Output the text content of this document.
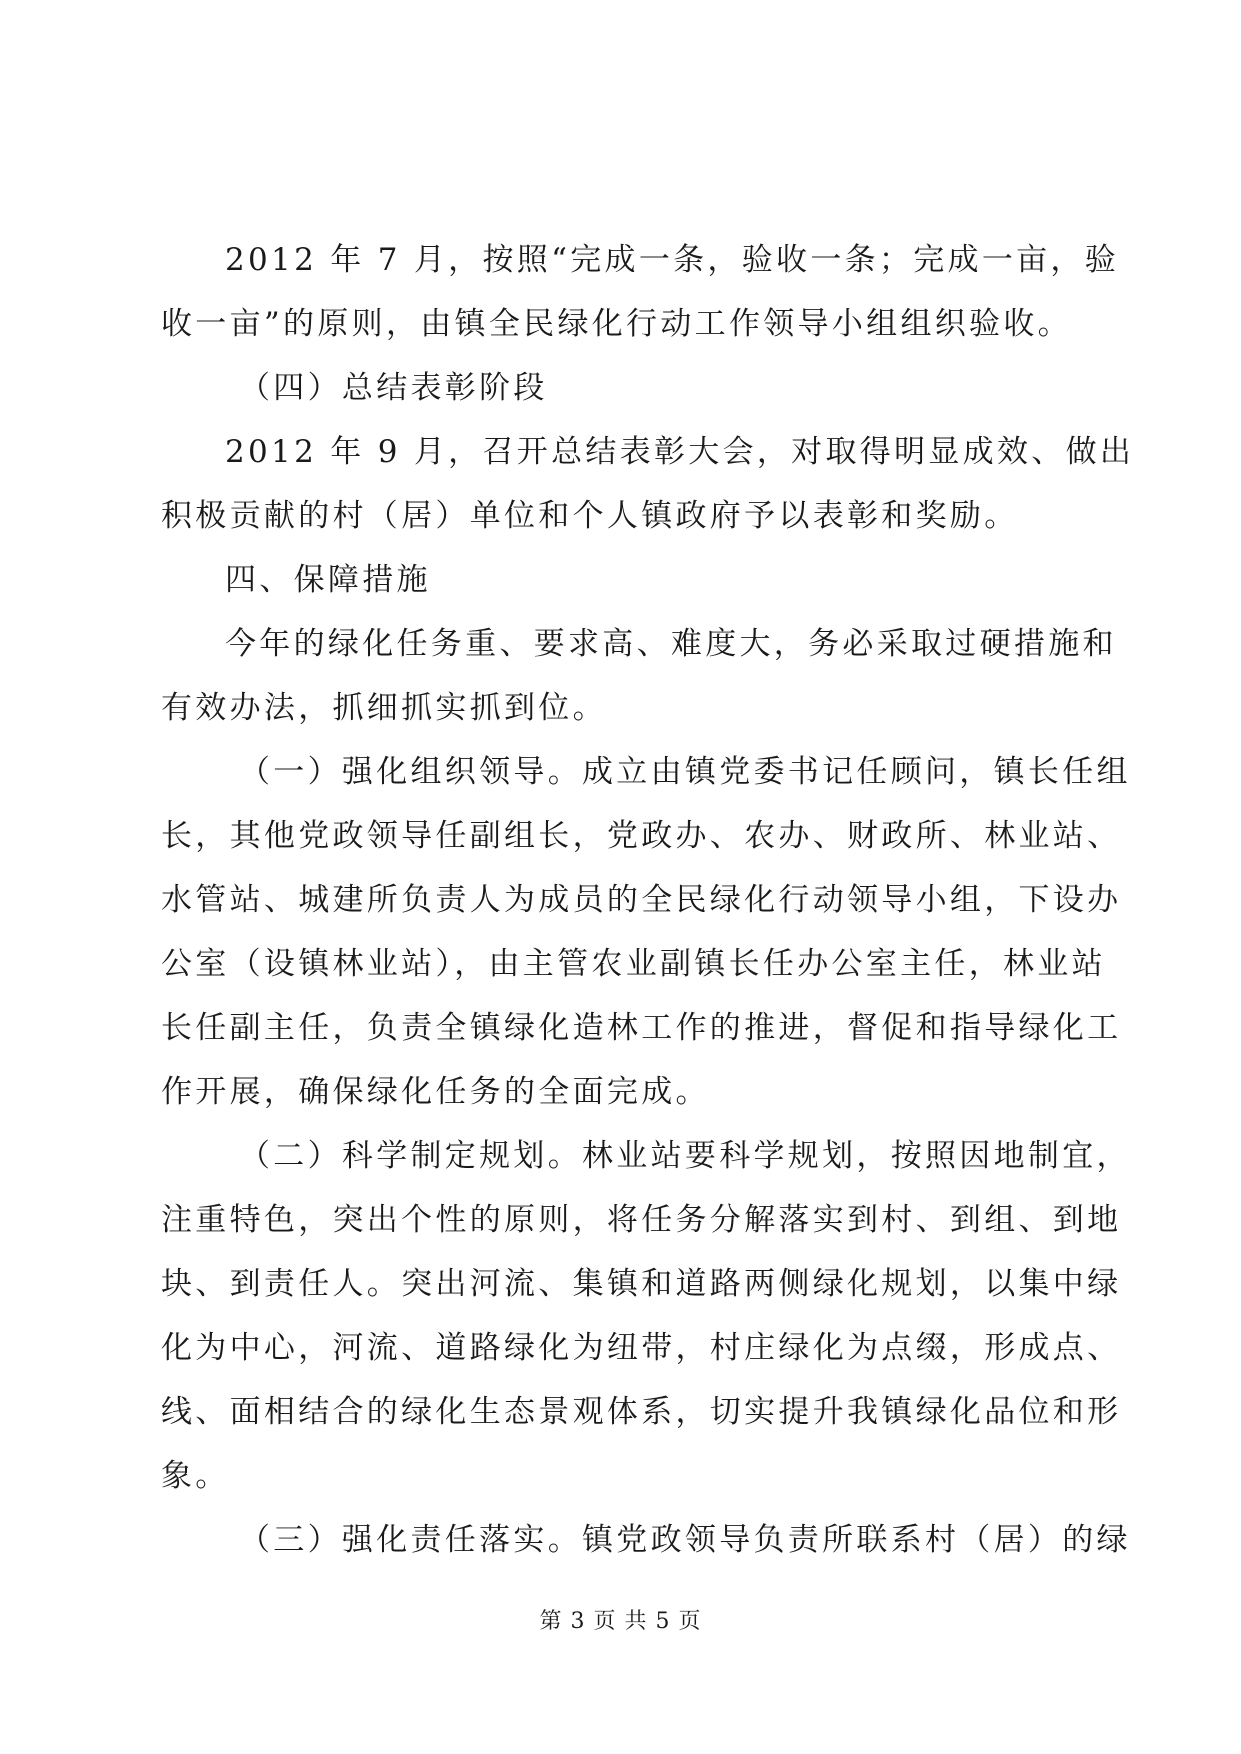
2012 年 7 月，按照“完成一条，验收一条；完成一亩，验
收一亩”的原则，由镇全民绿化行动工作领导小组组织验收。
（四）总结表彰阶段
2012 年 9 月，召开总结表彰大会，对取得明显成效、做出
积极贡献的村（居）单位和个人镇政府予以表彰和奖励。
四、保障措施
今年的绿化任务重、要求高、难度大，务必采取过硬措施和
有效办法，抓细抓实抓到位。
（一）强化组织领导。成立由镇党委书记任顾问，镇长任组
长，其他党政领导任副组长，党政办、农办、财政所、林业站、
水管站、城建所负责人为成员的全民绿化行动领导小组，下设办
公室（设镇林业站），由主管农业副镇长任办公室主任，林业站
长任副主任，负责全镇绿化造林工作的推进，督促和指导绿化工
作开展，确保绿化任务的全面完成。
（二）科学制定规划。林业站要科学规划，按照因地制宜，
注重特色，突出个性的原则，将任务分解落实到村、到组、到地
块、到责任人。突出河流、集镇和道路两侧绿化规划，以集中绿
化为中心，河流、道路绿化为纽带，村庄绿化为点缀，形成点、
线、面相结合的绿化生态景观体系，切实提升我镇绿化品位和形
象。
（三）强化责任落实。镇党政领导负责所联系村（居）的绿
第 3 页 共 5 页
